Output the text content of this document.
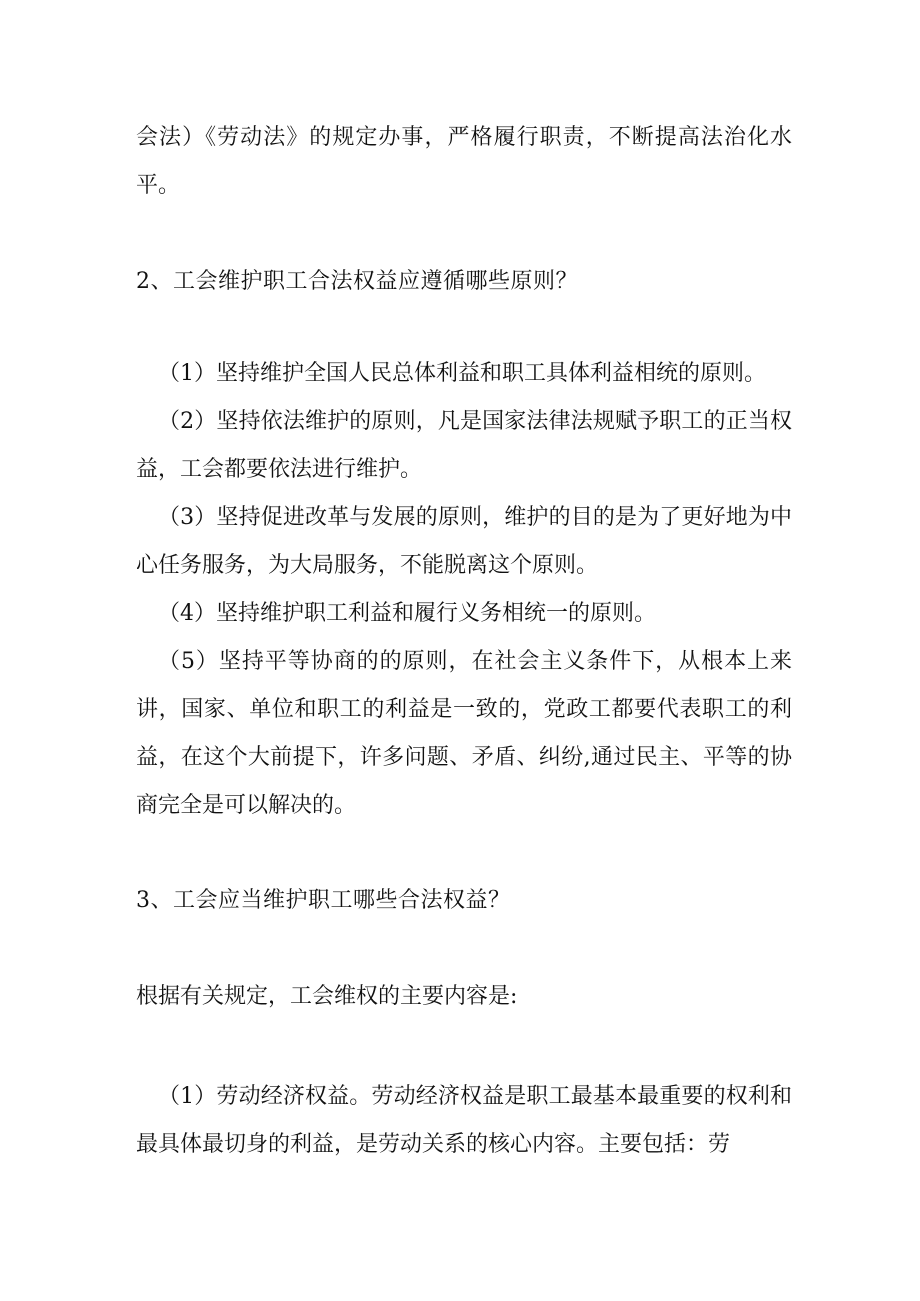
会法）《劳动法》的规定办事，严格履行职责，不断提高法治化水平。

2、工会维护职工合法权益应遵循哪些原则？

（1）坚持维护全国人民总体利益和职工具体利益相统的原则。

（2）坚持依法维护的原则，凡是国家法律法规赋予职工的正当权益，工会都要依法进行维护。

（3）坚持促进改革与发展的原则，维护的目的是为了更好地为中心任务服务，为大局服务，不能脱离这个原则。

（4）坚持维护职工利益和履行义务相统一的原则。

（5）坚持平等协商的的原则，在社会主义条件下，从根本上来讲，国家、单位和职工的利益是一致的，党政工都要代表职工的利益，在这个大前提下，许多问题、矛盾、纠纷,通过民主、平等的协商完全是可以解决的。

3、工会应当维护职工哪些合法权益？

根据有关规定，工会维权的主要内容是:

（1）劳动经济权益。劳动经济权益是职工最基本最重要的权利和最具体最切身的利益，是劳动关系的核心内容。主要包括：劳
